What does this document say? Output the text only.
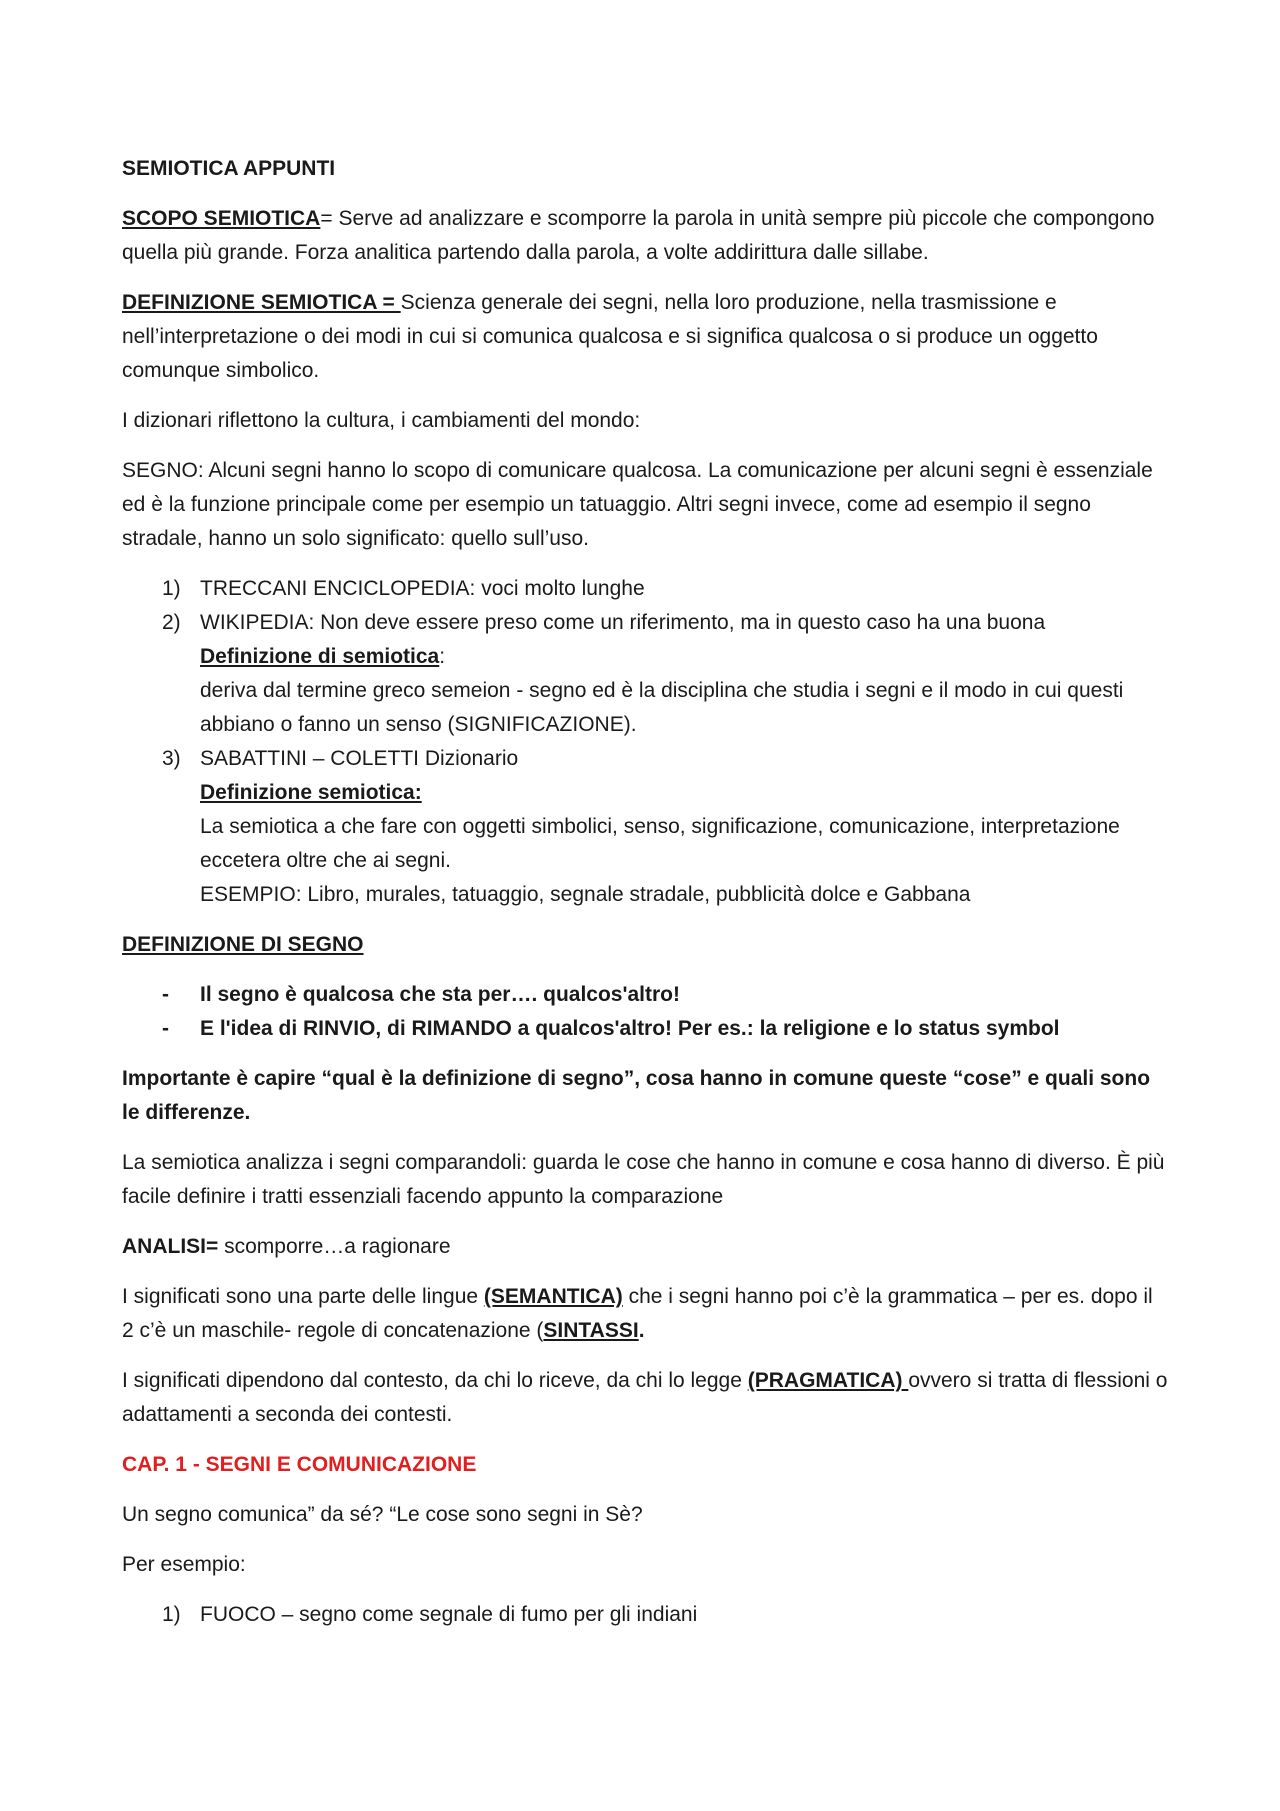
SEMIOTICA APPUNTI

SCOPO SEMIOTICA= Serve ad analizzare e scomporre la parola in unità sempre più piccole che compongono quella più grande. Forza analitica partendo dalla parola, a volte addirittura dalle sillabe.

DEFINIZIONE SEMIOTICA = Scienza generale dei segni, nella loro produzione, nella trasmissione e nell’interpretazione o dei modi in cui si comunica qualcosa e si significa qualcosa o si produce un oggetto comunque simbolico.

I dizionari riflettono la cultura, i cambiamenti del mondo:

SEGNO: Alcuni segni hanno lo scopo di comunicare qualcosa. La comunicazione per alcuni segni è essenziale ed è la funzione principale come per esempio un tatuaggio. Altri segni invece, come ad esempio il segno stradale, hanno un solo significato: quello sull’uso.

1) TRECCANI ENCICLOPEDIA: voci molto lunghe
2) WIKIPEDIA: Non deve essere preso come un riferimento, ma in questo caso ha una buona
Definizione di semiotica:
deriva dal termine greco semeion - segno ed è la disciplina che studia i segni e il modo in cui questi abbiano o fanno un senso (SIGNIFICAZIONE).
3) SABATTINI – COLETTI Dizionario
Definizione semiotica:
La semiotica a che fare con oggetti simbolici, senso, significazione, comunicazione, interpretazione eccetera oltre che ai segni.
ESEMPIO: Libro, murales, tatuaggio, segnale stradale, pubblicità dolce e Gabbana

DEFINIZIONE DI SEGNO

- Il segno è qualcosa che sta per…. qualcos'altro!
- E l'idea di RINVIO, di RIMANDO a qualcos'altro! Per es.: la religione e lo status symbol

Importante è capire “qual è la definizione di segno”, cosa hanno in comune queste “cose” e quali sono le differenze.

La semiotica analizza i segni comparandoli: guarda le cose che hanno in comune e cosa hanno di diverso. È più facile definire i tratti essenziali facendo appunto la comparazione

ANALISI= scomporre…a ragionare

I significati sono una parte delle lingue (SEMANTICA) che i segni hanno poi c’è la grammatica – per es. dopo il 2 c’è un maschile- regole di concatenazione (SINTASSI.

I significati dipendono dal contesto, da chi lo riceve, da chi lo legge (PRAGMATICA) ovvero si tratta di flessioni o adattamenti a seconda dei contesti.

CAP. 1 - SEGNI E COMUNICAZIONE

Un segno comunica” da sé? “Le cose sono segni in Sè?

Per esempio:

1) FUOCO – segno come segnale di fumo per gli indiani
